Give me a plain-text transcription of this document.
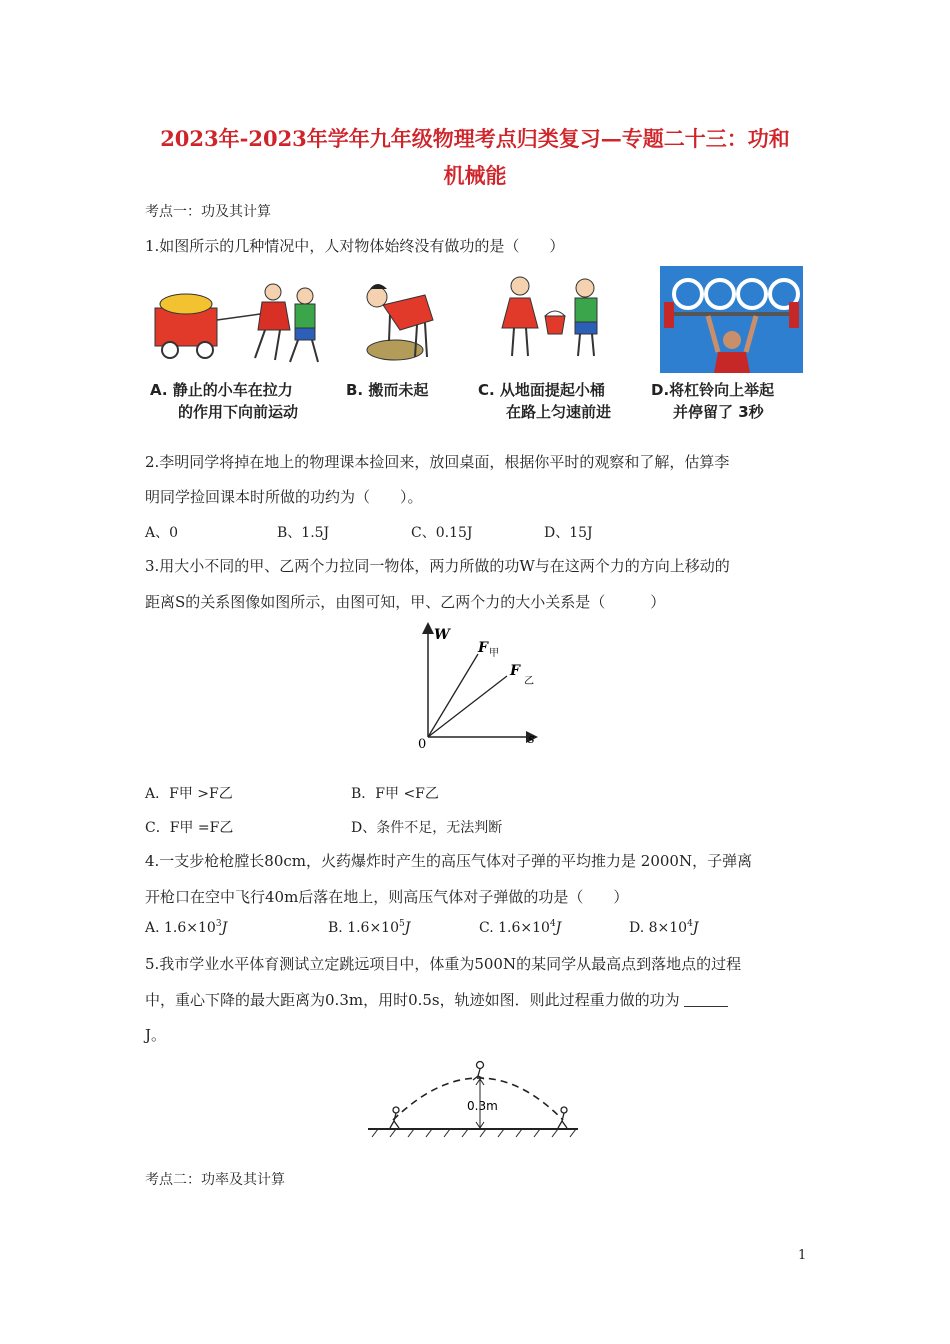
2023年-2023年学年九年级物理考点归类复习—专题二十三：功和
机械能
考点一：功及其计算
1.如图所示的几种情况中，人对物体始终没有做功的是（　　）
A. 静止的小车在拉力
的作用下向前运动
B. 搬而未起	C. 从地面提起小桶
在路上匀速前进
D.将杠铃向上举起
并停留了 3秒
2.李明同学将掉在地上的物理课本捡回来，放回桌面，根据你平时的观察和了解，估算李
明同学捡回课本时所做的功约为（　　）。
A、0	B、1.5J	C、0.15J	D、15J
3.用大小不同的甲、乙两个力拉同一物体，两力所做的功W与在这两个力的方向上移动的
距离S的关系图像如图所示，由图可知，甲、乙两个力的大小关系是（　　　）
W
s
0
F 甲
F
乙
A．F甲 >F乙	B．F甲 <F乙
C．F甲 =F乙	D、条件不足，无法判断
4.一支步枪枪膛长80cm，火药爆炸时产生的高压气体对子弹的平均推力是 2000N，子弹离
开枪口在空中飞行40m后落在地上，则高压气体对子弹做的功是（　　）
A. $1.6\times 10^3J$	B. $1.6\times 10^5J$	C. $1.6\times 10^4J$	D. $8\times 10^4J$
5.我市学业水平体育测试立定跳远项目中，体重为500N的某同学从最高点到落地点的过程
中，重心下降的最大距离为0.3m，用时0.5s，轨迹如图．则此过程重力做的功为
J。
0.3m
考点二：功率及其计算
1
